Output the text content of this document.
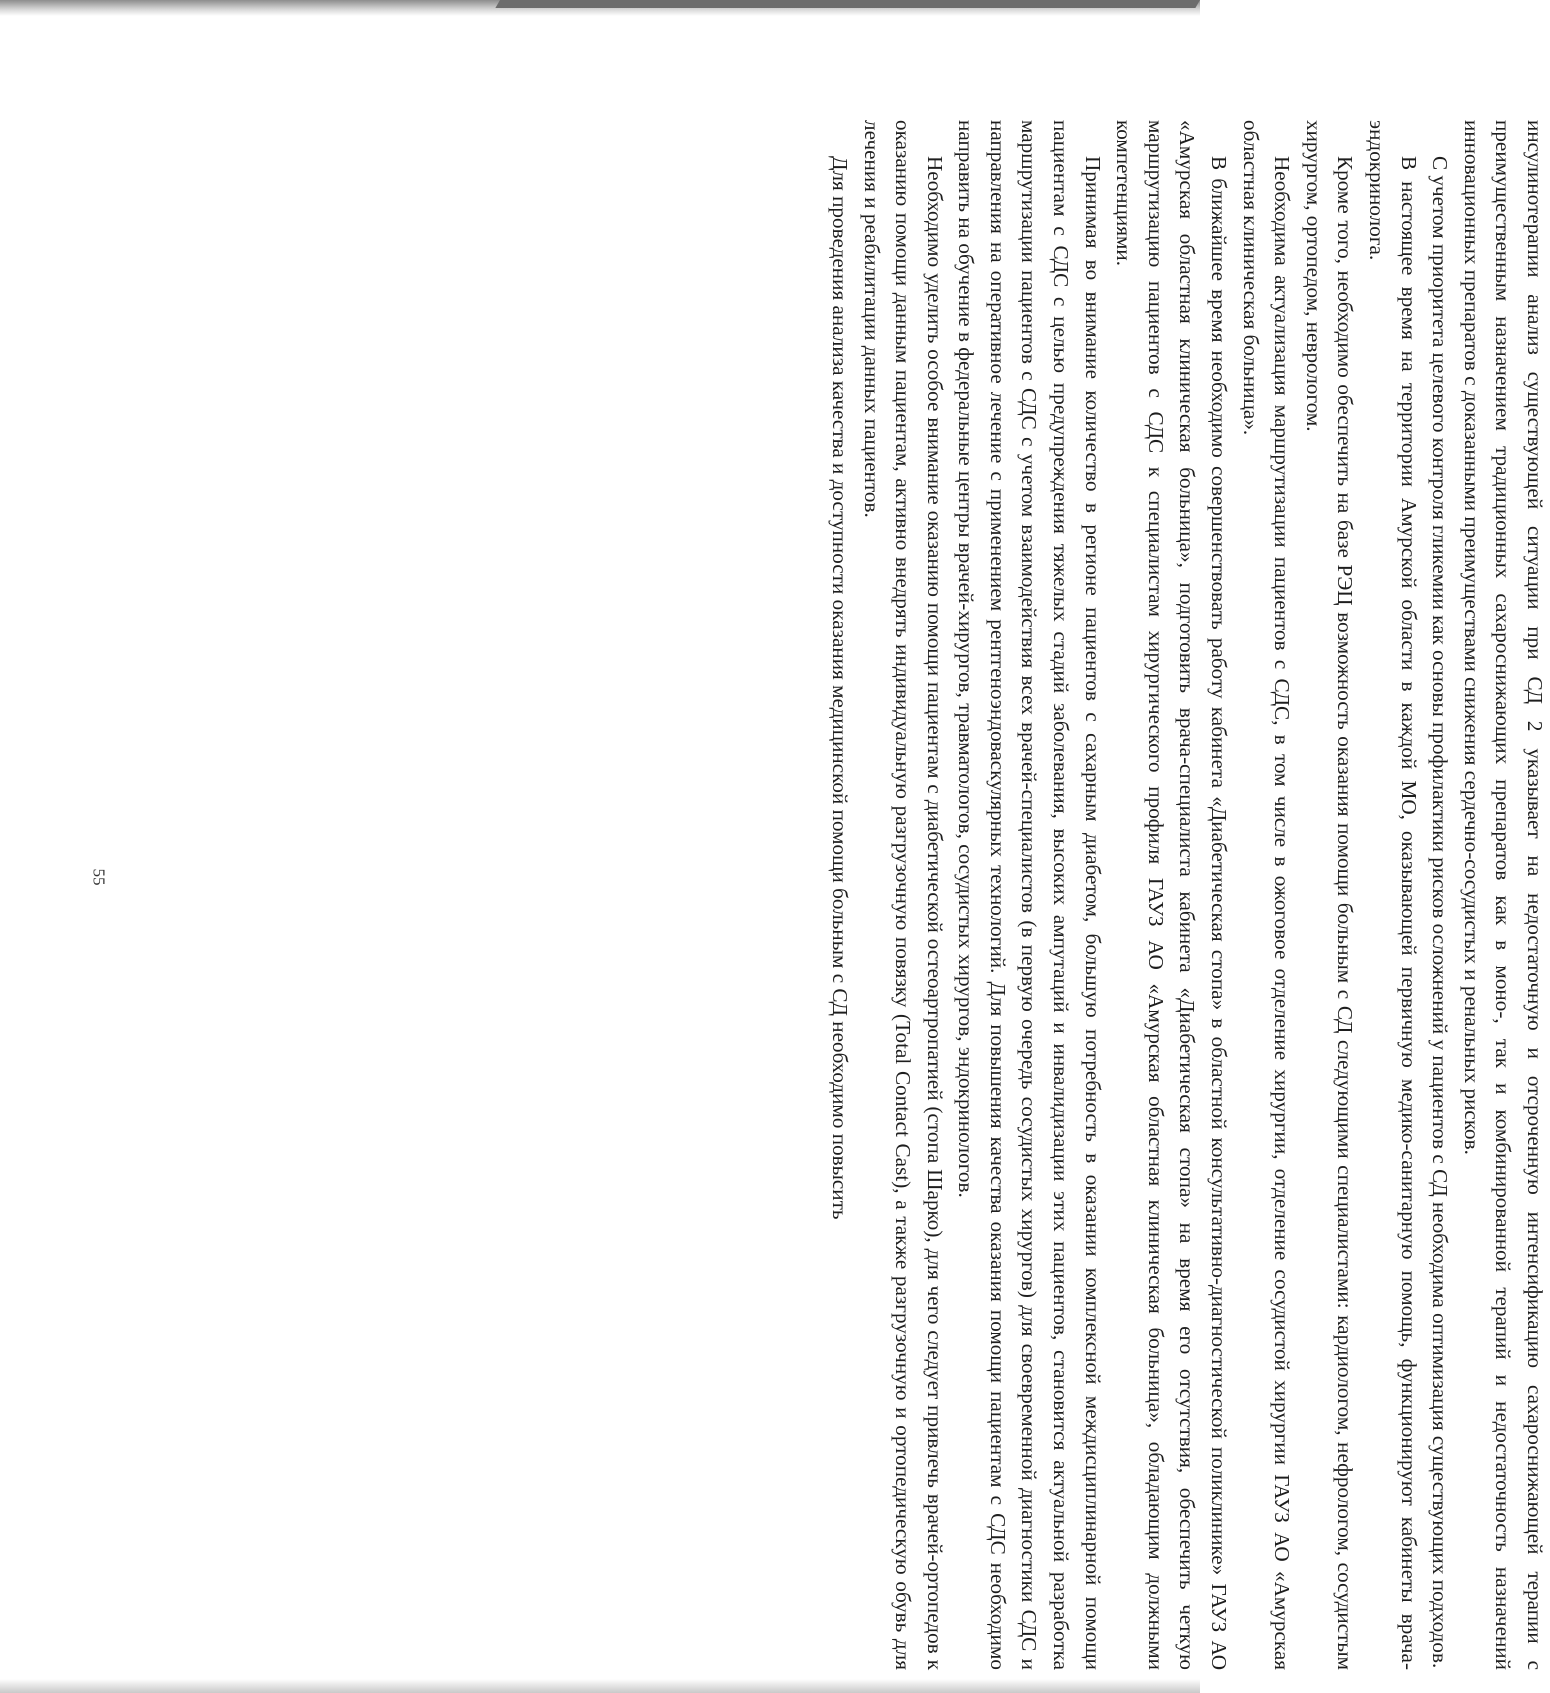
55	инсулинотерапии анализ существующей ситуации при СД 2 указывает на недостаточную и отсроченную интенсификацию сахароснижающей терапии с преимущественным назначением традиционных сахароснижающих препаратов как в моно-, так и комбинированной терапий и недостаточность назначений инновационных препаратов с доказанными преимуществами снижения сердечно-сосудистых и ренальных рисков.

С учетом приоритета целевого контроля гликемии как основы профилактики рисков осложнений у пациентов с СД необходима оптимизация существующих подходов.

В настоящее время на территории Амурской области в каждой МО, оказывающей первичную медико-санитарную помощь, функционируют кабинеты врача-эндокринолога.

Кроме того, необходимо обеспечить на базе РЭЦ возможность оказания помощи больным с СД следующими специалистами: кардиологом, нефрологом, сосудистым хирургом, ортопедом, неврологом.

Необходима актуализация маршрутизации пациентов с СДС, в том числе в ожоговое отделение хирургии, отделение сосудистой хирургии ГАУЗ АО «Амурская областная клиническая больница».

В ближайшее время необходимо совершенствовать работу кабинета «Диабетическая стопа» в областной консультативно-диагностической поликлинике» ГАУЗ АО «Амурская областная клиническая больница», подготовить врача-специалиста кабинета «Диабетическая стопа» на время его отсутствия, обеспечить четкую маршрутизацию пациентов с СДС к специалистам хирургического профиля ГАУЗ АО «Амурская областная клиническая больница», обладающим должными компетенциями.

Принимая во внимание количество в регионе пациентов с сахарным диабетом, большую потребность в оказании комплексной междисциплинарной помощи пациентам с СДС с целью предупреждения тяжелых стадий заболевания, высоких ампутаций и инвалидизации этих пациентов, становится актуальной разработка маршрутизации пациентов с СДС с учетом взаимодействия всех врачей-специалистов (в первую очередь сосудистых хирургов) для своевременной диагностики СДС и направления на оперативное лечение с применением рентгеноэндоваскулярных технологий. Для повышения качества оказания помощи пациентам с СДС необходимо направить на обучение в федеральные центры врачей-хирургов, травматологов, сосудистых хирургов, эндокринологов.

Необходимо уделить особое внимание оказанию помощи пациентам с диабетической остеоартропатией (стопа Шарко), для чего следует привлечь врачей-ортопедов к оказанию помощи данным пациентам, активно внедрять индивидуальную разгрузочную повязку (Total Contact Cast), а также разгрузочную и ортопедическую обувь для лечения и реабилитации данных пациентов.

Для проведения анализа качества и доступности оказания медицинской помощи больным с СД необходимо повысить
